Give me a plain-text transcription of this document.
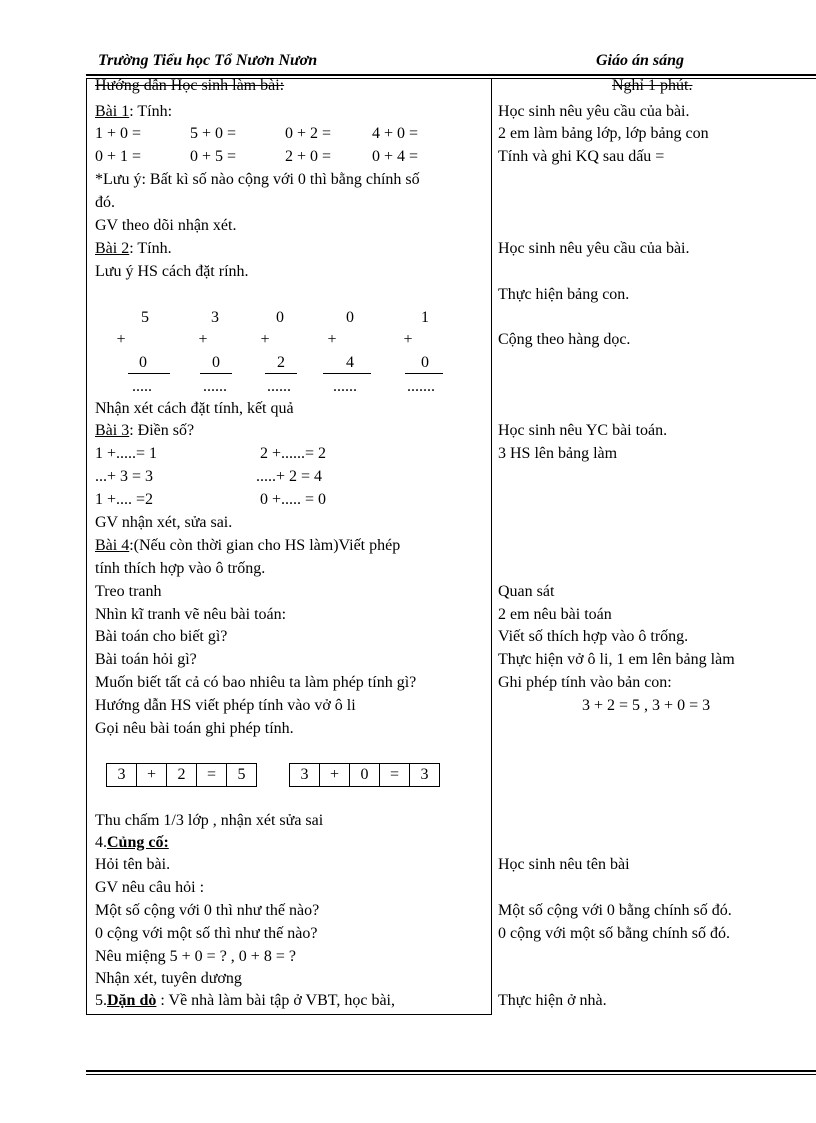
Trường Tiểu học Tổ Nươn Nươn	Giáo án sáng
Hướng dẫn Học sinh làm bài:
Bài 1: Tính:
1 + 0 =	5 + 0 =	0 + 2 =	4 + 0 =
0 + 1 =	0 + 5 =	2 + 0 =	0 + 4 =
*Lưu ý: Bất kì số nào cộng với 0 thì bằng chính số
đó.
GV theo dõi nhận xét.
Bài 2: Tính.
Lưu ý HS cách đặt rính.
5	3	0	0	1
+	+	+	+	+
0	0	2	4	0
.....	......	......	......	.......
Nhận xét cách đặt tính, kết quả
Bài 3: Điền số?
1 +.....= 1	2 +......= 2
...+ 3 = 3	.....+ 2 = 4
1 +.... =2	0 +..... = 0
GV nhận xét, sửa sai.
Bài 4:(Nếu còn thời gian cho HS làm)Viết phép
tính thích hợp vào ô trống.
Treo tranh
Nhìn kĩ tranh vẽ nêu bài toán:
Bài toán cho biết gì?
Bài toán hỏi gì?
Muốn biết tất cả có bao nhiêu ta làm phép tính gì?
Hướng dẫn HS viết phép tính vào vở ô li
Gọi nêu bài toán ghi phép tính.
3	+	2	=	5	3	+	0	=	3
Thu chấm 1/3 lớp , nhận xét sửa sai
4.Củng cố:
Hỏi tên bài.
GV nêu câu hỏi :
Một số cộng với 0 thì như thế nào?
0 cộng với một số thì như thế nào?
Nêu miệng 5 + 0 = ? , 0 + 8 = ?
Nhận xét, tuyên dương
5.Dặn dò : Về nhà làm bài tập ở VBT, học bài,
Nghỉ 1 phút.
Học sinh nêu yêu cầu của bài.
2 em làm bảng lớp, lớp bảng con
Tính và ghi KQ sau dấu =
Học sinh nêu yêu cầu của bài.
Thực hiện bảng con.
Cộng theo hàng dọc.
Học sinh nêu YC bài toán.
3 HS lên bảng làm
Quan sát
2 em nêu bài toán
Viết số thích hợp vào ô trống.
Thực hiện vở ô li, 1 em lên bảng làm
Ghi phép tính vào bản con:
3 + 2 = 5 , 3 + 0 = 3
Học sinh nêu tên bài
Một số cộng với 0 bằng chính số đó.
0 cộng với một số bằng chính số đó.
Thực hiện ở nhà.
